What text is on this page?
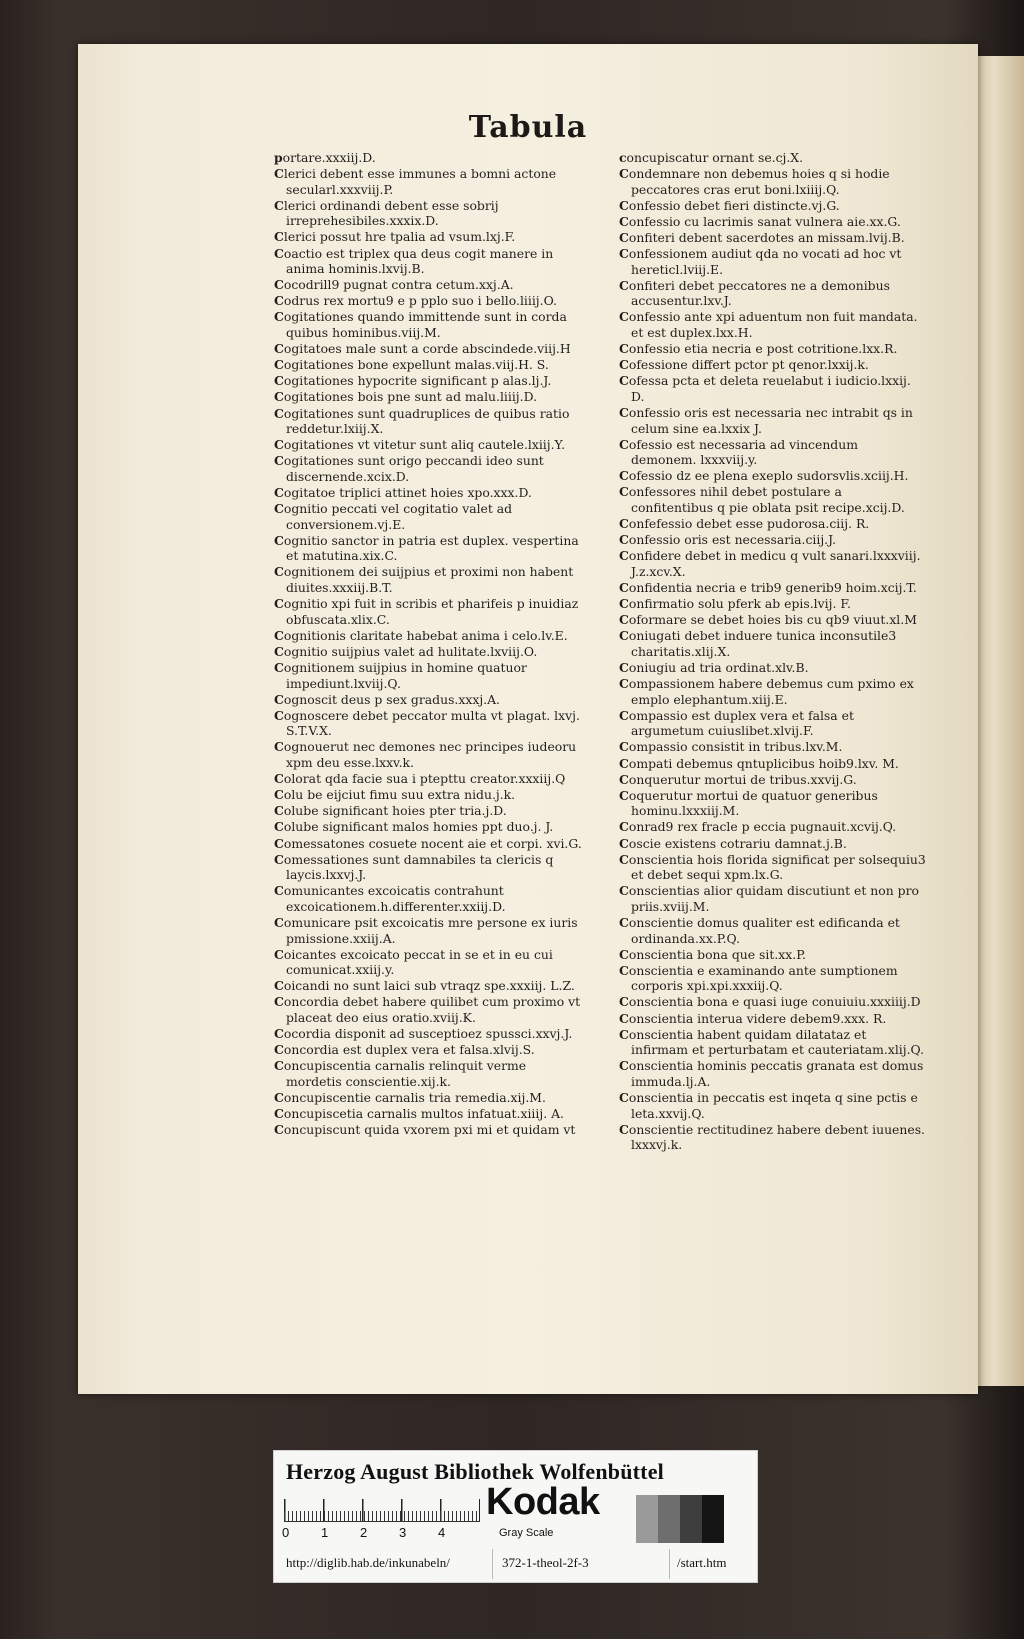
Tabula

portare.xxxiij.D.

Clerici debent esse immunes a bomni actone secularl.xxxviij.P.

Clerici ordinandi debent esse sobrij irreprehesibiles.xxxix.D.

Clerici possut hre tpalia ad vsum.lxj.F.

Coactio est triplex qua deus cogit manere in anima hominis.lxvij.B.

Cocodrill9 pugnat contra cetum.xxj.A.

Codrus rex mortu9 e p pplo suo i bello.liiij.O.

Cogitationes quando immittende sunt in corda quibus hominibus.viij.M.

Cogitatoes male sunt a corde abscindede.viij.H

Cogitationes bone expellunt malas.viij.H. S.

Cogitationes hypocrite significant p alas.lj.J.

Cogitationes bois pne sunt ad malu.liiij.D.

Cogitationes sunt quadruplices de quibus ratio reddetur.lxiij.X.

Cogitationes vt vitetur sunt aliq cautele.lxiij.Y.

Cogitationes sunt origo peccandi ideo sunt discernende.xcix.D.

Cogitatoe triplici attinet hoies xpo.xxx.D.

Cognitio peccati vel cogitatio valet ad conversionem.vj.E.

Cognitio sanctor in patria est duplex. vespertina et matutina.xix.C.

Cognitionem dei suijpius et proximi non habent diuites.xxxiij.B.T.

Cognitio xpi fuit in scribis et pharifeis p inuidiaz obfuscata.xlix.C.

Cognitionis claritate habebat anima i celo.lv.E.

Cognitio suijpius valet ad hulitate.lxviij.O.

Cognitionem suijpius in homine quatuor impediunt.lxviij.Q.

Cognoscit deus p sex gradus.xxxj.A.

Cognoscere debet peccator multa vt plagat. lxvj. S.T.V.X.

Cognouerut nec demones nec principes iudeoru xpm deu esse.lxxv.k.

Colorat qda facie sua i ptepttu creator.xxxiij.Q

Colu be eijciut fimu suu extra nidu.j.k.

Colube significant hoies pter tria.j.D.

Colube significant malos homies ppt duo.j. J.

Comessatones cosuete nocent aie et corpi. xvi.G.

Comessationes sunt damnabiles ta clericis q laycis.lxxvj.J.

Comunicantes excoicatis contrahunt excoicationem.h.differenter.xxiij.D.

Comunicare psit excoicatis mre persone ex iuris pmissione.xxiij.A.

Coicantes excoicato peccat in se et in eu cui comunicat.xxiij.y.

Coicandi no sunt laici sub vtraqz spe.xxxiij. L.Z.

Concordia debet habere quilibet cum proximo vt placeat deo eius oratio.xviij.K.

Cocordia disponit ad susceptioez spussci.xxvj.J.

Concordia est duplex vera et falsa.xlvij.S.

Concupiscentia carnalis relinquit verme mordetis conscientie.xij.k.

Concupiscentie carnalis tria remedia.xij.M.

Concupiscetia carnalis multos infatuat.xiiij. A.

Concupiscunt quida vxorem pxi mi et quidam vt

concupiscatur ornant se.cj.X.

Condemnare non debemus hoies q si hodie peccatores cras erut boni.lxiiij.Q.

Confessio debet fieri distincte.vj.G.

Confessio cu lacrimis sanat vulnera aie.xx.G.

Confiteri debent sacerdotes an missam.lvij.B.

Confessionem audiut qda no vocati ad hoc vt hereticl.lviij.E.

Confiteri debet peccatores ne a demonibus accusentur.lxv.J.

Confessio ante xpi aduentum non fuit mandata. et est duplex.lxx.H.

Confessio etia necria e post cotritione.lxx.R.

Cofessione differt pctor pt qenor.lxxij.k.

Cofessa pcta et deleta reuelabut i iudicio.lxxij. D.

Confessio oris est necessaria nec intrabit qs in celum sine ea.lxxix J.

Cofessio est necessaria ad vincendum demonem. lxxxviij.y.

Cofessio dz ee plena exeplo sudorsvlis.xciij.H.

Confessores nihil debet postulare a confitentibus q pie oblata psit recipe.xcij.D.

Confefessio debet esse pudorosa.ciij. R.

Confessio oris est necessaria.ciij.J.

Confidere debet in medicu q vult sanari.lxxxviij. J.z.xcv.X.

Confidentia necria e trib9 generib9 hoim.xcij.T.

Confirmatio solu pferk ab epis.lvij. F.

Coformare se debet hoies bis cu qb9 viuut.xl.M

Coniugati debet induere tunica inconsutile3 charitatis.xlij.X.

Coniugiu ad tria ordinat.xlv.B.

Compassionem habere debemus cum pximo ex emplo elephantum.xiij.E.

Compassio est duplex vera et falsa et argumetum cuiuslibet.xlvij.F.

Compassio consistit in tribus.lxv.M.

Compati debemus qntuplicibus hoib9.lxv. M.

Conquerutur mortui de tribus.xxvij.G.

Coquerutur mortui de quatuor generibus hominu.lxxxiij.M.

Conrad9 rex fracle p eccia pugnauit.xcvij.Q.

Coscie existens cotrariu damnat.j.B.

Conscientia hois florida significat per solsequiu3 et debet sequi xpm.lx.G.

Conscientias alior quidam discutiunt et non pro priis.xviij.M.

Conscientie domus qualiter est edificanda et ordinanda.xx.P.Q.

Conscientia bona que sit.xx.P.

Conscientia e examinando ante sumptionem corporis xpi.xpi.xxxiij.Q.

Conscientia bona e quasi iuge conuiuiu.xxxiiij.D

Conscientia interua videre debem9.xxx. R.

Conscientia habent quidam dilatataz et infirmam et perturbatam et cauteriatam.xlij.Q.

Conscientia hominis peccatis granata est domus immuda.lj.A.

Conscientia in peccatis est inqeta q sine pctis e leta.xxvij.Q.

Conscientie rectitudinez habere debent iuuenes. lxxxvj.k.

Herzog August Bibliothek Wolfenbüttel
0 1 2 3 4
Kodak
Gray Scale
http://diglib.hab.de/inkunabeln/	372-1-theol-2f-3	/start.htm
